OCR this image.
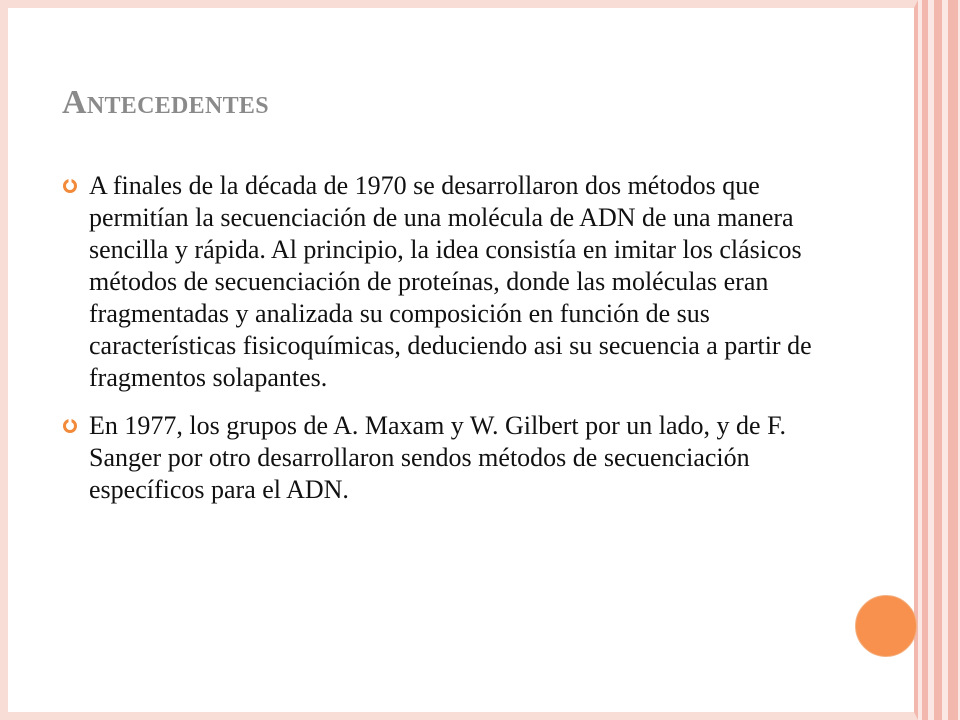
Antecedentes
A finales de la década de 1970 se desarrollaron dos métodos que permitían la secuenciación de una molécula de ADN de una manera sencilla y rápida. Al principio, la idea consistía en imitar los clásicos métodos de secuenciación de proteínas, donde las moléculas eran fragmentadas y analizada su composición en función de sus características fisicoquímicas, deduciendo asi su secuencia a partir de fragmentos solapantes.
En 1977, los grupos de A. Maxam y W. Gilbert por un lado, y de F. Sanger por otro desarrollaron sendos métodos de secuenciación específicos para el ADN.
